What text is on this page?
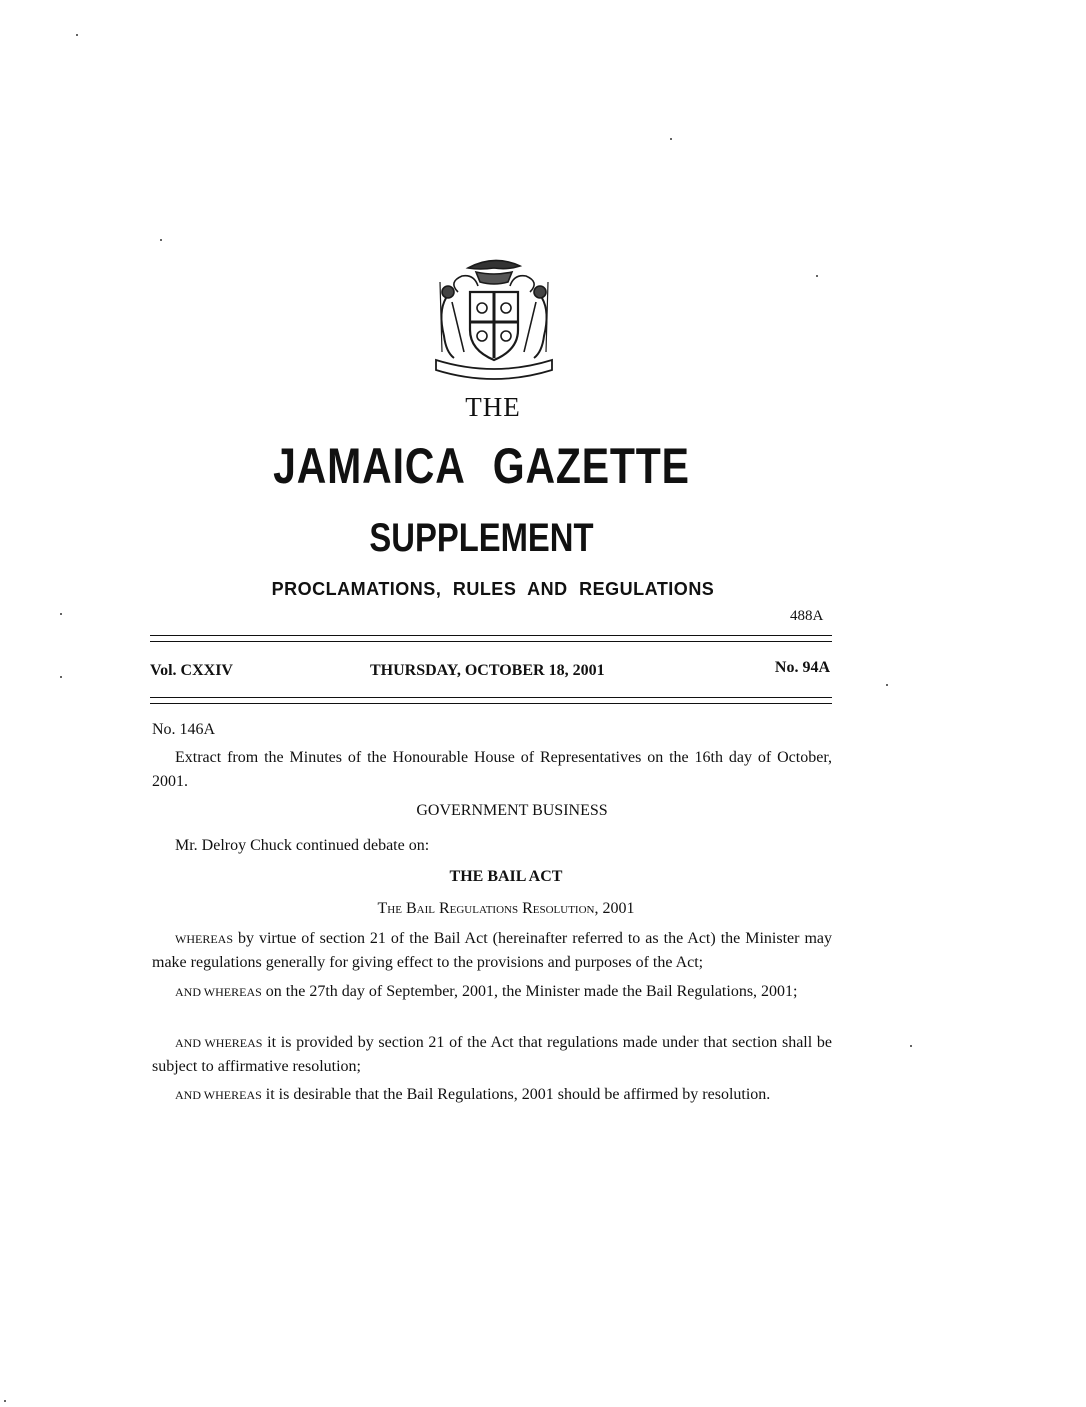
THE
JAMAICA GAZETTE
SUPPLEMENT
PROCLAMATIONS, RULES AND REGULATIONS
488A
Vol. CXXIV	THURSDAY, OCTOBER 18, 2001	No. 94A
No. 146A
Extract from the Minutes of the Honourable House of Representatives on the 16th day of October, 2001.
GOVERNMENT BUSINESS
Mr. Delroy Chuck continued debate on:
THE BAIL ACT
The Bail Regulations Resolution, 2001
WHEREAS by virtue of section 21 of the Bail Act (hereinafter referred to as the Act) the Minister may make regulations generally for giving effect to the provisions and purposes of the Act;
AND WHEREAS on the 27th day of September, 2001, the Minister made the Bail Regulations, 2001;
AND WHEREAS it is provided by section 21 of the Act that regulations made under that section shall be subject to affirmative resolution;
AND WHEREAS it is desirable that the Bail Regulations, 2001 should be affirmed by resolution.
